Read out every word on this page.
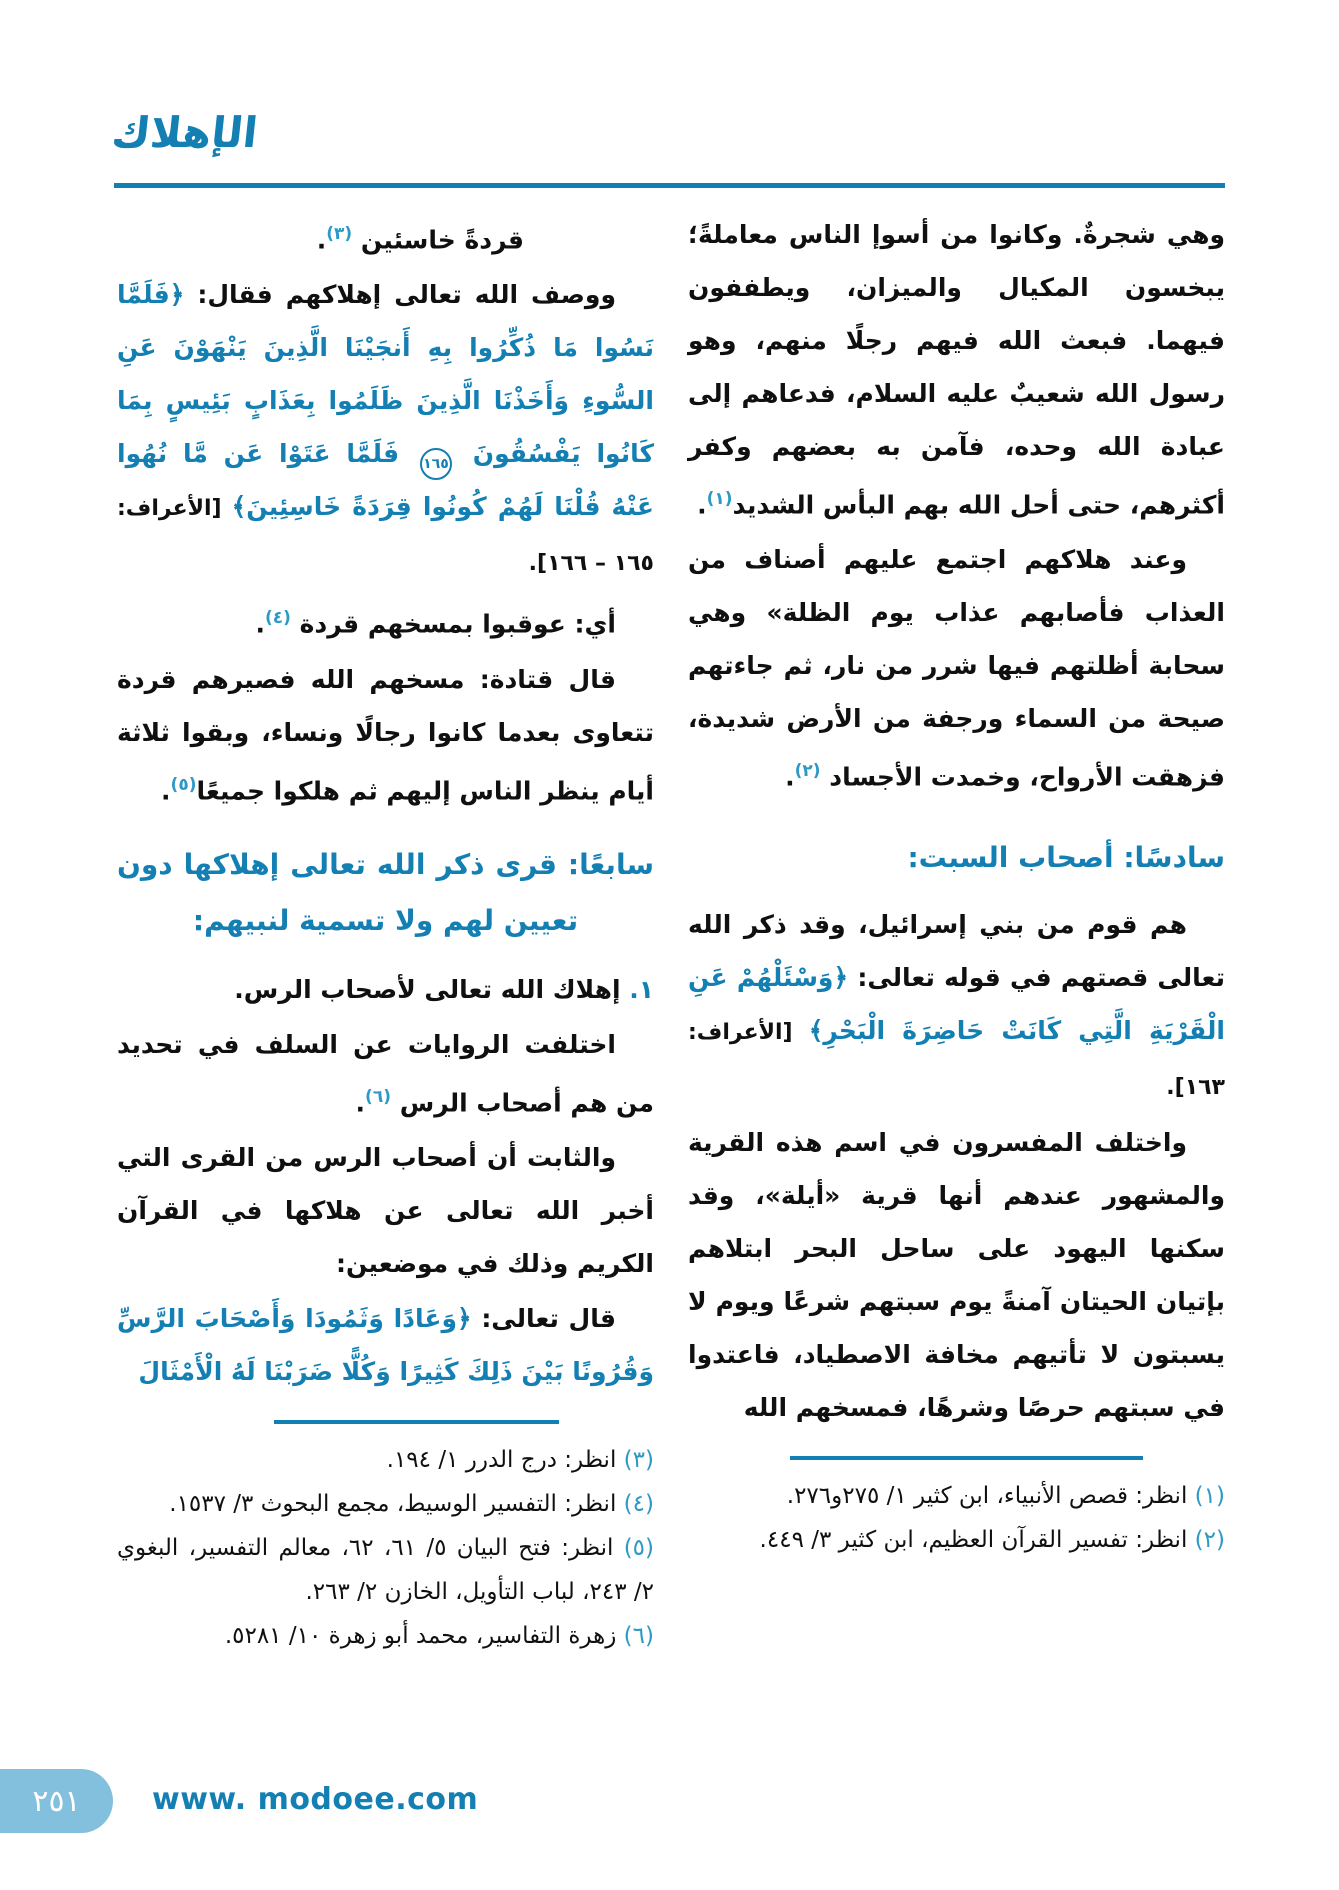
الإهلاك

وهي شجرةٌ. وكانوا من أسوإ الناس معاملةً؛ يبخسون المكيال والميزان، ويطففون فيهما. فبعث الله فيهم رجلًا منهم، وهو رسول الله شعيبٌ عليه السلام، فدعاهم إلى عبادة الله وحده، فآمن به بعضهم وكفر أكثرهم، حتى أحل الله بهم البأس الشديد$^{(١)}$.

وعند هلاكهم اجتمع عليهم أصناف من العذاب فأصابهم عذاب يوم الظلة» وهي سحابة أظلتهم فيها شرر من نار، ثم جاءتهم صيحة من السماء ورجفة من الأرض شديدة، فزهقت الأرواح، وخمدت الأجساد $^{(٢)}$.

سادسًا: أصحاب السبت:

هم قوم من بني إسرائيل، وقد ذكر الله تعالى قصتهم في قوله تعالى: ﴿وَسْئَلْهُمْ عَنِ الْقَرْيَةِ الَّتِي كَانَتْ حَاضِرَةَ الْبَحْرِ﴾ [الأعراف: ١٦٣].

واختلف المفسرون في اسم هذه القرية والمشهور عندهم أنها قرية «أيلة»، وقد سكنها اليهود على ساحل البحر ابتلاهم بإتيان الحيتان آمنةً يوم سبتهم شرعًا ويوم لا يسبتون لا تأتيهم مخافة الاصطياد، فاعتدوا في سبتهم حرصًا وشرهًا، فمسخهم الله

(١) انظر: قصص الأنبياء، ابن كثير ١/ ٢٧٥و٢٧٦.
(٢) انظر: تفسير القرآن العظيم، ابن كثير ٣/ ٤٤٩.

قردةً خاسئين $^{(٣)}$.

ووصف الله تعالى إهلاكهم فقال: ﴿فَلَمَّا نَسُوا مَا ذُكِّرُوا بِهِ أَنجَيْنَا الَّذِينَ يَنْهَوْنَ عَنِ السُّوءِ وَأَخَذْنَا الَّذِينَ ظَلَمُوا بِعَذَابٍ بَئِيسٍ بِمَا كَانُوا يَفْسُقُونَ ١٦٥ فَلَمَّا عَتَوْا عَن مَّا نُهُوا عَنْهُ قُلْنَا لَهُمْ كُونُوا قِرَدَةً خَاسِئِينَ﴾ [الأعراف: ١٦٥ – ١٦٦].

أي: عوقبوا بمسخهم قردة $^{(٤)}$.

قال قتادة: مسخهم الله فصيرهم قردة تتعاوى بعدما كانوا رجالًا ونساء، وبقوا ثلاثة أيام ينظر الناس إليهم ثم هلكوا جميعًا$^{(٥)}$.

سابعًا: قرى ذكر الله تعالى إهلاكها دون تعيين لهم ولا تسمية لنبيهم:

١. إهلاك الله تعالى لأصحاب الرس.

اختلفت الروايات عن السلف في تحديد من هم أصحاب الرس $^{(٦)}$.

والثابت أن أصحاب الرس من القرى التي أخبر الله تعالى عن هلاكها في القرآن الكريم وذلك في موضعين:

قال تعالى: ﴿وَعَادًا وَثَمُودَا وَأَصْحَابَ الرَّسِّ وَقُرُونًا بَيْنَ ذَلِكَ كَثِيرًا وَكُلًّا ضَرَبْنَا لَهُ الْأَمْثَالَ

(٣) انظر: درج الدرر ١/ ١٩٤.
(٤) انظر: التفسير الوسيط، مجمع البحوث ٣/ ١٥٣٧.
(٥) انظر: فتح البيان ٥/ ٦١، ٦٢، معالم التفسير، البغوي ٢/ ٢٤٣، لباب التأويل، الخازن ٢/ ٢٦٣.
(٦) زهرة التفاسير، محمد أبو زهرة ١٠/ ٥٢٨١.
٢٥١ www. modoee.com
